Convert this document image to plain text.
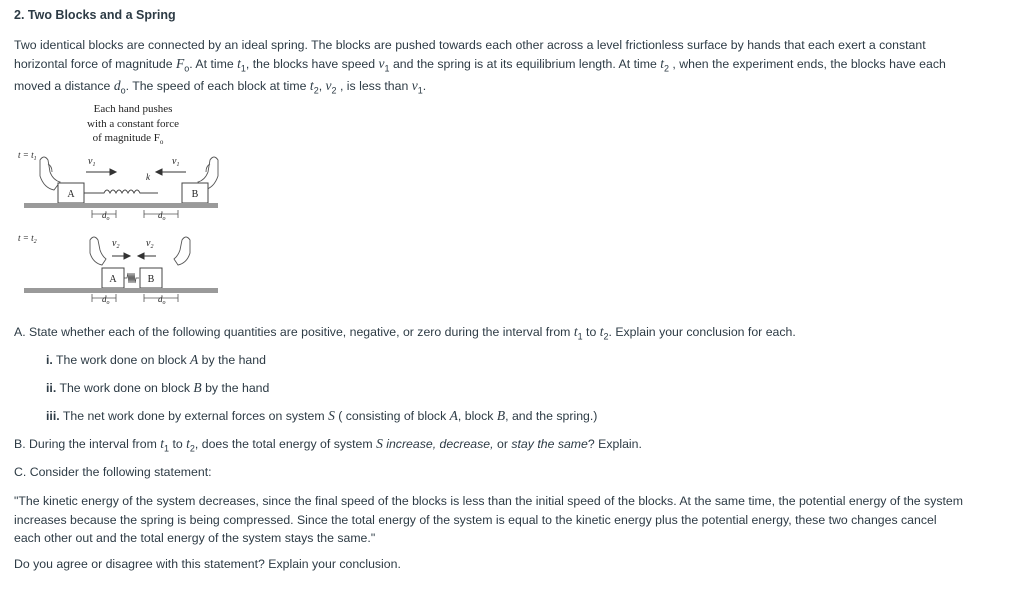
2. Two Blocks and a Spring

Two identical blocks are connected by an ideal spring. The blocks are pushed towards each other across a level frictionless surface by hands that each exert a constant horizontal force of magnitude $F_o$. At time $t_1$, the blocks have speed $v_1$ and the spring is at its equilibrium length. At time $t_2$ , when the experiment ends, the blocks have each moved a distance $d_o$. The speed of each block at time $t_2$, $v_2$ , is less than $v_1$.

Each hand pushes
with a constant force
of magnitude $F_o$
$t = t_1$	$v_1$	$v_1$
A
k
B
$d_o$	$d_o$
$t = t_2$	$v_2$	$v_2$
A	B
$d_o$	$d_o$
A. State whether each of the following quantities are positive, negative, or zero during the interval from $t_1$ to $t_2$. Explain your conclusion for each.
i. The work done on block A by the hand
ii. The work done on block B by the hand
iii. The net work done by external forces on system S ( consisting of block A, block B, and the spring.)
B. During the interval from $t_1$ to $t_2$, does the total energy of system S increase, decrease, or stay the same? Explain.
C. Consider the following statement:
"The kinetic energy of the system decreases, since the final speed of the blocks is less than the initial speed of the blocks. At the same time, the potential energy of the system increases because the spring is being compressed. Since the total energy of the system is equal to the kinetic energy plus the potential energy, these two changes cancel each other out and the total energy of the system stays the same."
Do you agree or disagree with this statement? Explain your conclusion.
